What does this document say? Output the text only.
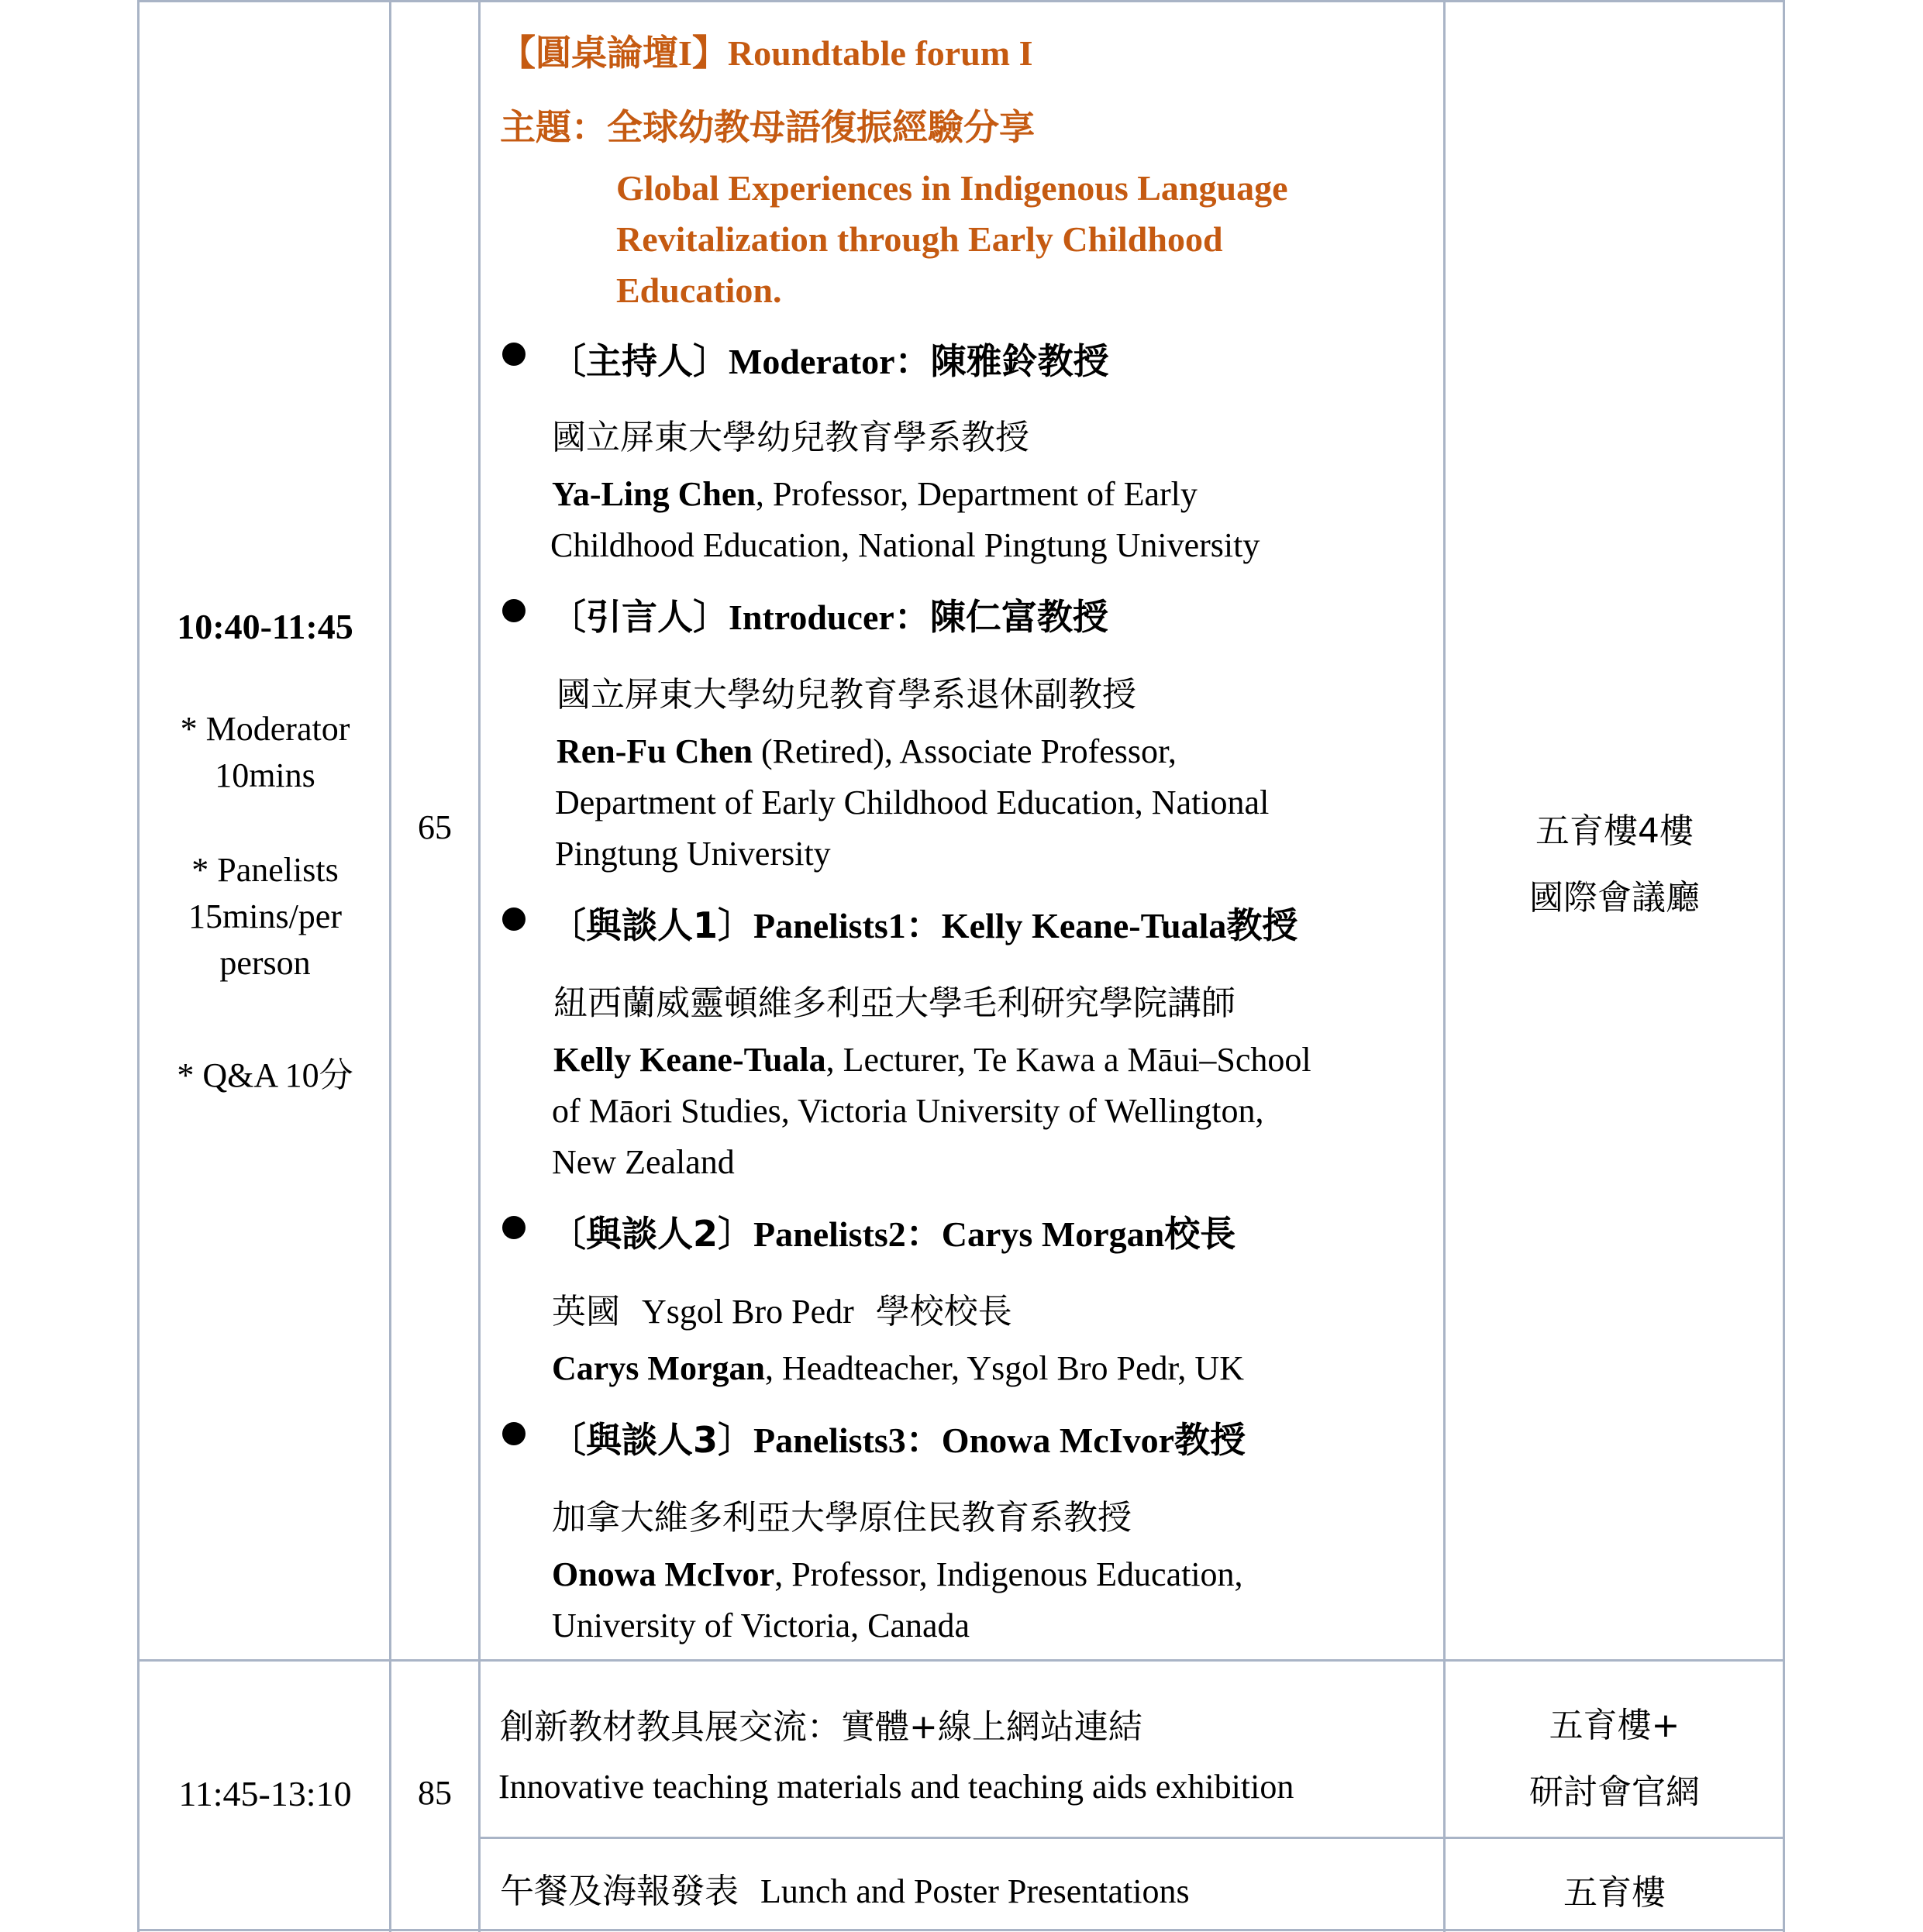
10:40-11:45
* Moderator
10mins
* Panelists
15mins/per
person
* Q&A 10分
65
【圓桌論壇I】Roundtable forum I
主題：全球幼教母語復振經驗分享
Global Experiences in Indigenous Language
Revitalization through Early Childhood
Education.
〔主持人〕Moderator：陳雅鈴教授
國立屏東大學幼兒教育學系教授
Ya-Ling Chen, Professor, Department of Early
Childhood Education, National Pingtung University
〔引言人〕Introducer：陳仁富教授
國立屏東大學幼兒教育學系退休副教授
Ren-Fu Chen (Retired), Associate Professor,
Department of Early Childhood Education, National
Pingtung University
〔與談人1〕Panelists1：Kelly Keane-Tuala教授
紐西蘭威靈頓維多利亞大學毛利研究學院講師
Kelly Keane-Tuala, Lecturer, Te Kawa a Māui–School
of Māori Studies, Victoria University of Wellington,
New Zealand
〔與談人2〕Panelists2：Carys Morgan校長
英國 Ysgol Bro Pedr 學校校長
Carys Morgan, Headteacher, Ysgol Bro Pedr, UK
〔與談人3〕Panelists3：Onowa McIvor教授
加拿大維多利亞大學原住民教育系教授
Onowa McIvor, Professor, Indigenous Education,
University of Victoria, Canada
五育樓4樓
國際會議廳
11:45-13:10	85
創新教材教具展交流：實體+線上網站連結
Innovative teaching materials and teaching aids exhibition
五育樓+
研討會官網
午餐及海報發表 Lunch and Poster Presentations	五育樓
